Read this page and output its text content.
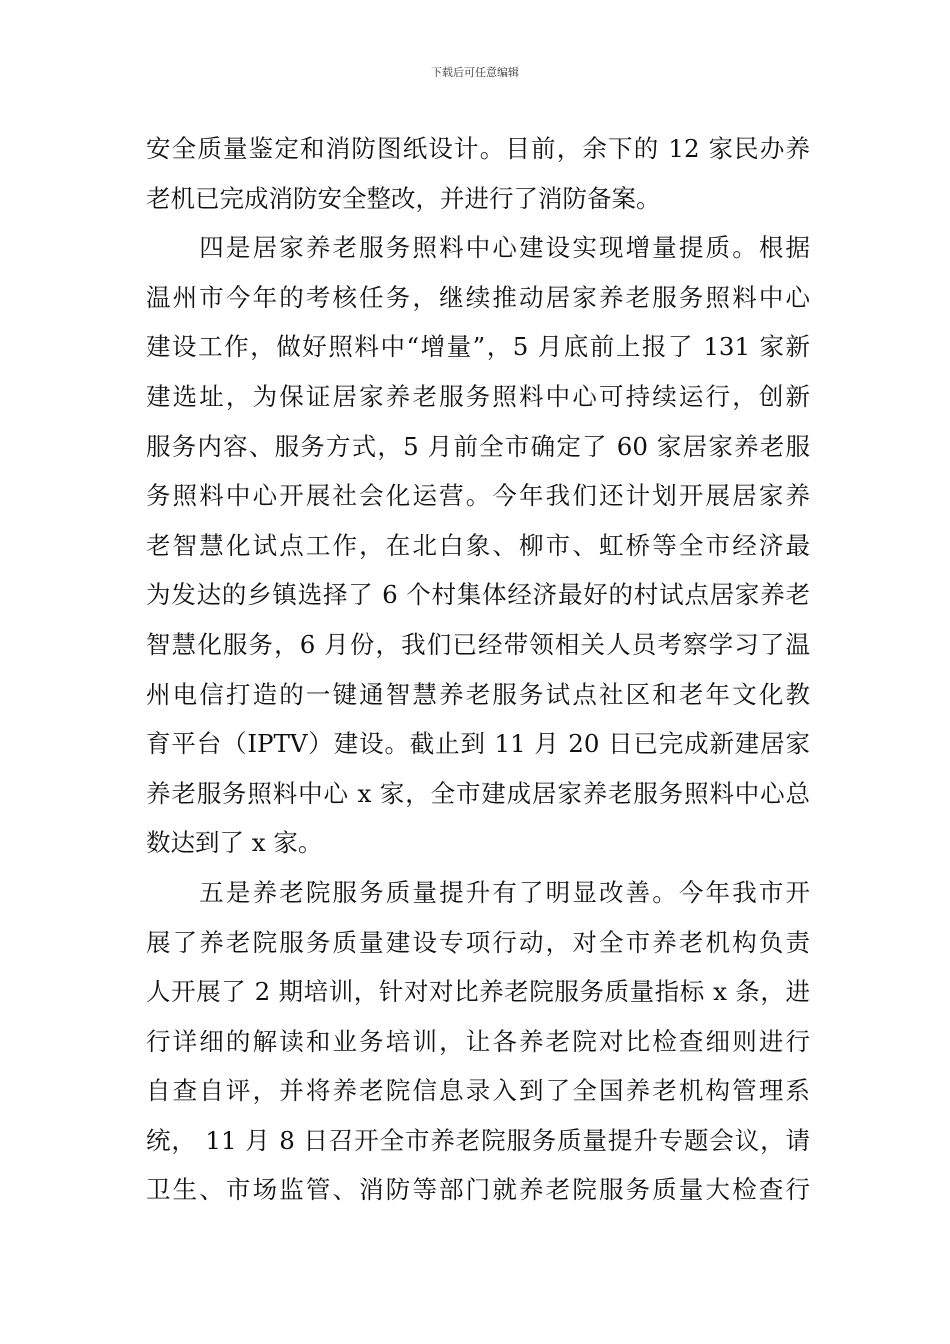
下载后可任意编辑
安全质量鉴定和消防图纸设计。目前，余下的 12 家民办养
老机已完成消防安全整改，并进行了消防备案。
　　四是居家养老服务照料中心建设实现增量提质。根据
温州市今年的考核任务，继续推动居家养老服务照料中心
建设工作，做好照料中“增量”，5 月底前上报了 131 家新
建选址，为保证居家养老服务照料中心可持续运行，创新
服务内容、服务方式，5 月前全市确定了 60 家居家养老服
务照料中心开展社会化运营。今年我们还计划开展居家养
老智慧化试点工作，在北白象、柳市、虹桥等全市经济最
为发达的乡镇选择了 6 个村集体经济最好的村试点居家养老
智慧化服务，6 月份，我们已经带领相关人员考察学习了温
州电信打造的一键通智慧养老服务试点社区和老年文化教
育平台（IPTV）建设。截止到 11 月 20 日已完成新建居家
养老服务照料中心 x 家，全市建成居家养老服务照料中心总
数达到了 x 家。
　　五是养老院服务质量提升有了明显改善。今年我市开
展了养老院服务质量建设专项行动，对全市养老机构负责
人开展了 2 期培训，针对对比养老院服务质量指标 x 条，进
行详细的解读和业务培训，让各养老院对比检查细则进行
自查自评，并将养老院信息录入到了全国养老机构管理系
统， 11 月 8 日召开全市养老院服务质量提升专题会议，请
卫生、市场监管、消防等部门就养老院服务质量大检查行
